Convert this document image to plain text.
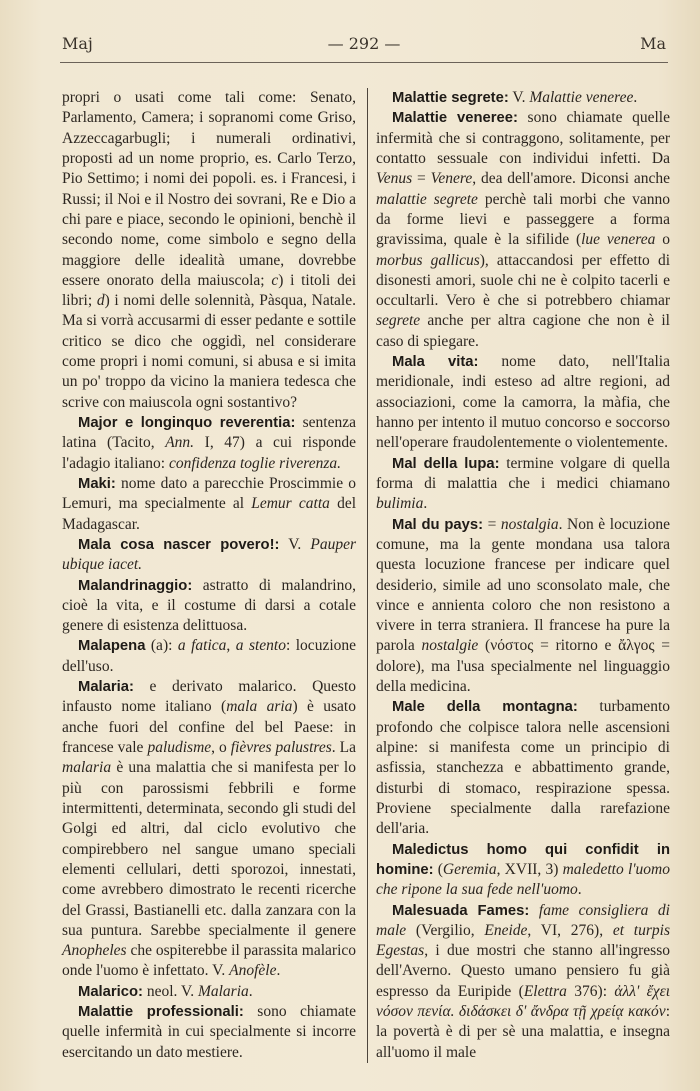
Maj	— 292 —	Ma

propri o usati come tali come: Senato, Parlamento, Camera; i sopranomi come Griso, Azzeccagarbugli; i numerali ordinativi, proposti ad un nome proprio, es. Carlo Terzo, Pio Settimo; i nomi dei popoli. es. i Francesi, i Russi; il Noi e il Nostro dei sovrani, Re e Dio a chi pare e piace, secondo le opinioni, benchè il secondo nome, come simbolo e segno della maggiore delle idealità umane, dovrebbe essere onorato della maiuscola; c) i titoli dei libri; d) i nomi delle solennità, Pàsqua, Natale. Ma si vorrà accusarmi di esser pedante e sottile critico se dico che oggidì, nel considerare come propri i nomi comuni, si abusa e si imita un po' troppo da vicino la maniera tedesca che scrive con maiuscola ogni sostantivo?

Major e longinquo reverentia: sentenza latina (Tacito, Ann. I, 47) a cui risponde l'adagio italiano: confidenza toglie riverenza.

Maki: nome dato a parecchie Proscimmie o Lemuri, ma specialmente al Lemur catta del Madagascar.

Mala cosa nascer povero!: V. Pauper ubique iacet.

Malandrinaggio: astratto di malandrino, cioè la vita, e il costume di darsi a cotale genere di esistenza delittuosa.

Malapena (a): a fatica, a stento: locuzione dell'uso.

Malaria: e derivato malarico. Questo infausto nome italiano (mala aria) è usato anche fuori del confine del bel Paese: in francese vale paludisme, o fièvres palustres. La malaria è una malattia che si manifesta per lo più con parossismi febbrili e forme intermittenti, determinata, secondo gli studi del Golgi ed altri, dal ciclo evolutivo che compirebbero nel sangue umano speciali elementi cellulari, detti sporozoi, innestati, come avrebbero dimostrato le recenti ricerche del Grassi, Bastianelli etc. dalla zanzara con la sua puntura. Sarebbe specialmente il genere Anopheles che ospiterebbe il parassita malarico onde l'uomo è infettato. V. Anofèle.

Malarico: neol. V. Malaria.

Malattie professionali: sono chiamate quelle infermità in cui specialmente si incorre esercitando un dato mestiere.

Malattie segrete: V. Malattie veneree.

Malattie veneree: sono chiamate quelle infermità che si contraggono, solitamente, per contatto sessuale con individui infetti. Da Venus = Venere, dea dell'amore. Diconsi anche malattie segrete perchè tali morbi che vanno da forme lievi e passeggere a forma gravissima, quale è la sifilide (lue venerea o morbus gallicus), attaccandosi per effetto di disonesti amori, suole chi ne è colpito tacerli e occultarli. Vero è che si potrebbero chiamar segrete anche per altra cagione che non è il caso di spiegare.

Mala vita: nome dato, nell'Italia meridionale, indi esteso ad altre regioni, ad associazioni, come la camorra, la màfia, che hanno per intento il mutuo concorso e soccorso nell'operare fraudolentemente o violentemente.

Mal della lupa: termine volgare di quella forma di malattia che i medici chiamano bulimia.

Mal du pays: = nostalgia. Non è locuzione comune, ma la gente mondana usa talora questa locuzione francese per indicare quel desiderio, simile ad uno sconsolato male, che vince e annienta coloro che non resistono a vivere in terra straniera. Il francese ha pure la parola nostalgie (νόστος = ritorno e ἄλγος = dolore), ma l'usa specialmente nel linguaggio della medicina.

Male della montagna: turbamento profondo che colpisce talora nelle ascensioni alpine: si manifesta come un principio di asfissia, stanchezza e abbattimento grande, disturbi di stomaco, respirazione spessa. Proviene specialmente dalla rarefazione dell'aria.

Maledictus homo qui confidit in homine: (Geremia, XVII, 3) maledetto l'uomo che ripone la sua fede nell'uomo.

Malesuada Fames: fame consigliera di male (Vergilio, Eneide, VI, 276), et turpis Egestas, i due mostri che stanno all'ingresso dell'Averno. Questo umano pensiero fu già espresso da Euripide (Elettra 376): ἀλλ' ἔχει νόσον πενία. διδάσκει δ' ἄνδρα τῇ χρείᾳ κακόν: la povertà è di per sè una malattia, e insegna all'uomo il male
